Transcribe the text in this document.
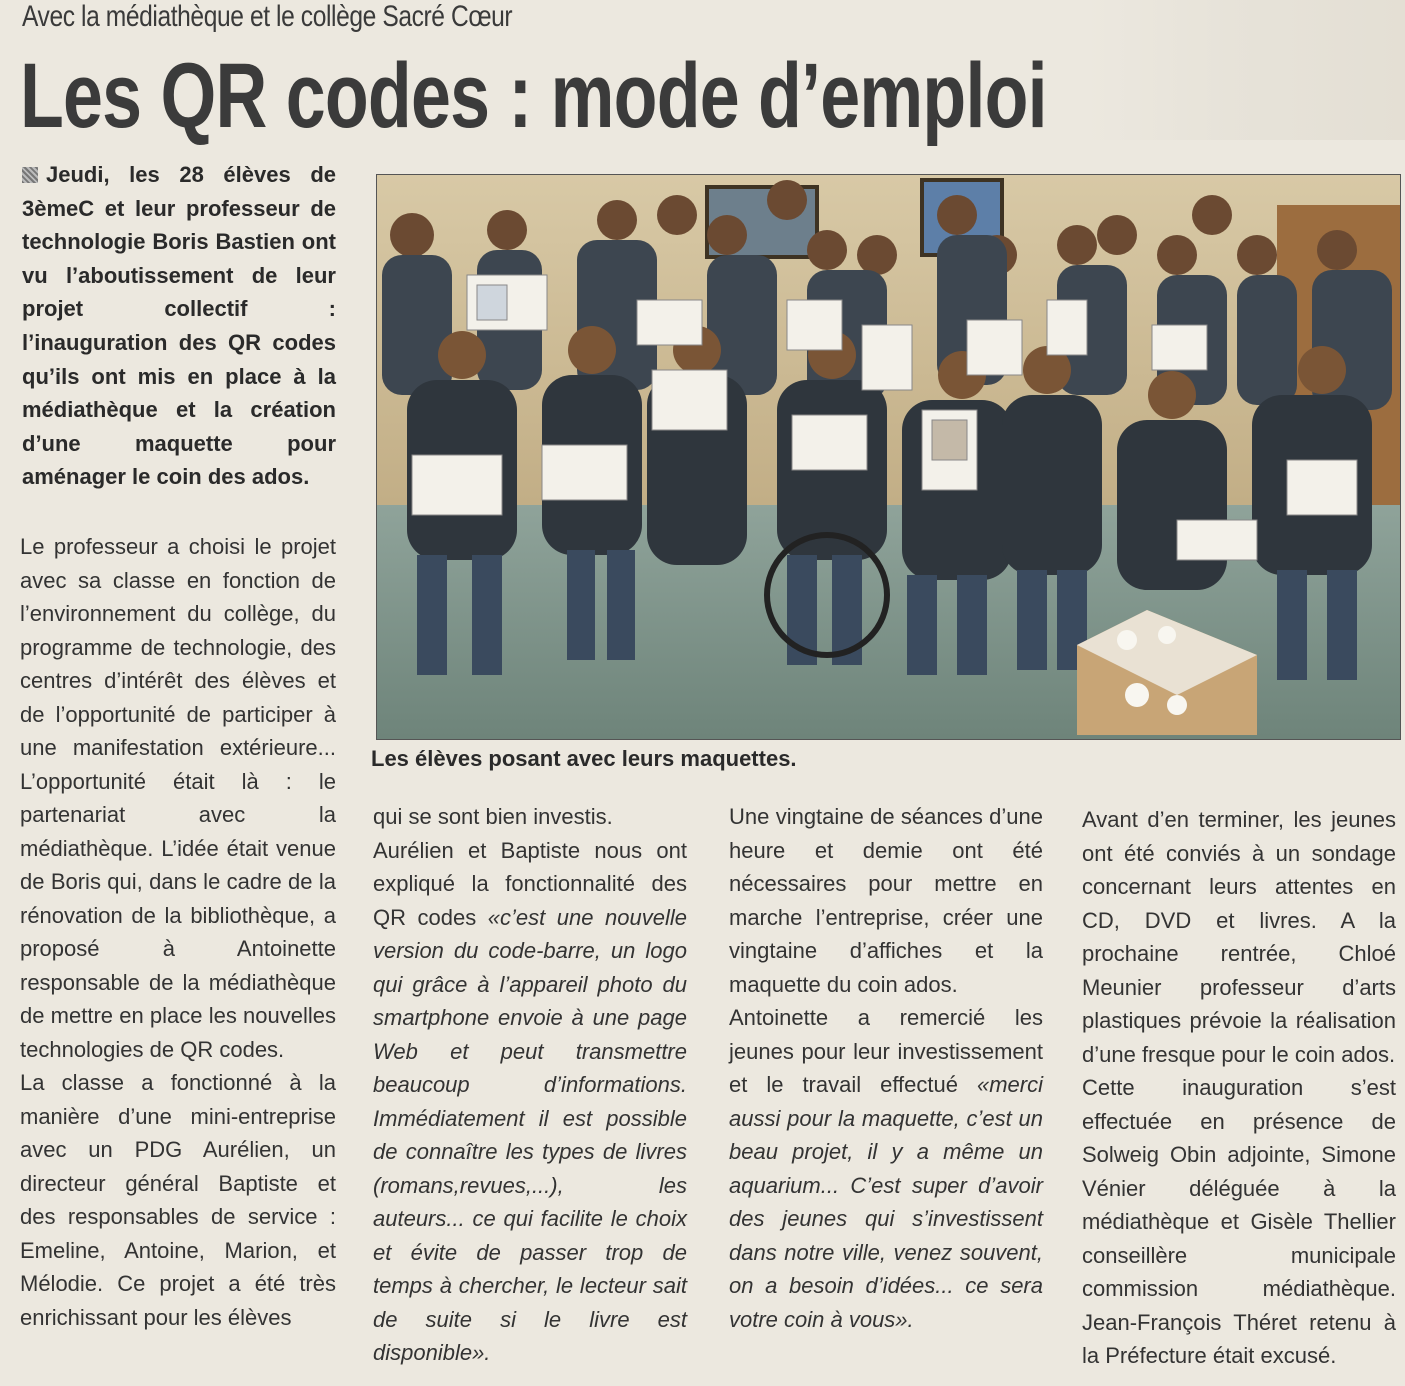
Avec la médiathèque et le collège Sacré Cœur
Les QR codes : mode d’emploi
Jeudi, les 28 élèves de 3èmeC et leur professeur de technologie Boris Bastien ont vu l’aboutissement de leur projet collectif : l’inauguration des QR codes qu’ils ont mis en place à la médiathèque et la création d’une maquette pour aménager le coin des ados.
Les élèves posant avec leurs maquettes.

Le professeur a choisi le projet avec sa classe en fonction de l’environnement du collège, du programme de technologie, des centres d’intérêt des élèves et de l’opportunité de participer à une manifestation extérieure... L’opportunité était là : le partenariat avec la médiathèque. L’idée était venue de Boris qui, dans le cadre de la rénovation de la bibliothèque, a proposé à Antoinette responsable de la médiathèque de mettre en place les nouvelles technologies de QR codes.

La classe a fonctionné à la manière d’une mini-entreprise avec un PDG Aurélien, un directeur général Baptiste et des responsables de service : Emeline, Antoine, Marion, et Mélodie. Ce projet a été très enrichissant pour les élèves

qui se sont bien investis.

Aurélien et Baptiste nous ont expliqué la fonctionnalité des QR codes «c’est une nouvelle version du code-barre, un logo qui grâce à l’appareil photo du smartphone envoie à une page Web et peut transmettre beaucoup d’informations. Immédiatement il est possible de connaître les types de livres (romans,revues,...), les auteurs... ce qui facilite le choix et évite de passer trop de temps à chercher, le lecteur sait de suite si le livre est disponible».

Une vingtaine de séances d’une heure et demie ont été nécessaires pour mettre en marche l’entreprise, créer une vingtaine d’affiches et la maquette du coin ados.

Antoinette a remercié les jeunes pour leur investissement et le travail effectué «merci aussi pour la maquette, c’est un beau projet, il y a même un aquarium... C’est super d’avoir des jeunes qui s’investissent dans notre ville, venez souvent, on a besoin d’idées... ce sera votre coin à vous».

Avant d’en terminer, les jeunes ont été conviés à un sondage concernant leurs attentes en CD, DVD et livres. A la prochaine rentrée, Chloé Meunier professeur d’arts plastiques prévoie la réalisation d’une fresque pour le coin ados.

Cette inauguration s’est effectuée en présence de Solweig Obin adjointe, Simone Vénier déléguée à la médiathèque et Gisèle Thellier conseillère municipale commission médiathèque. Jean-François Théret retenu à la Préfecture était excusé.
